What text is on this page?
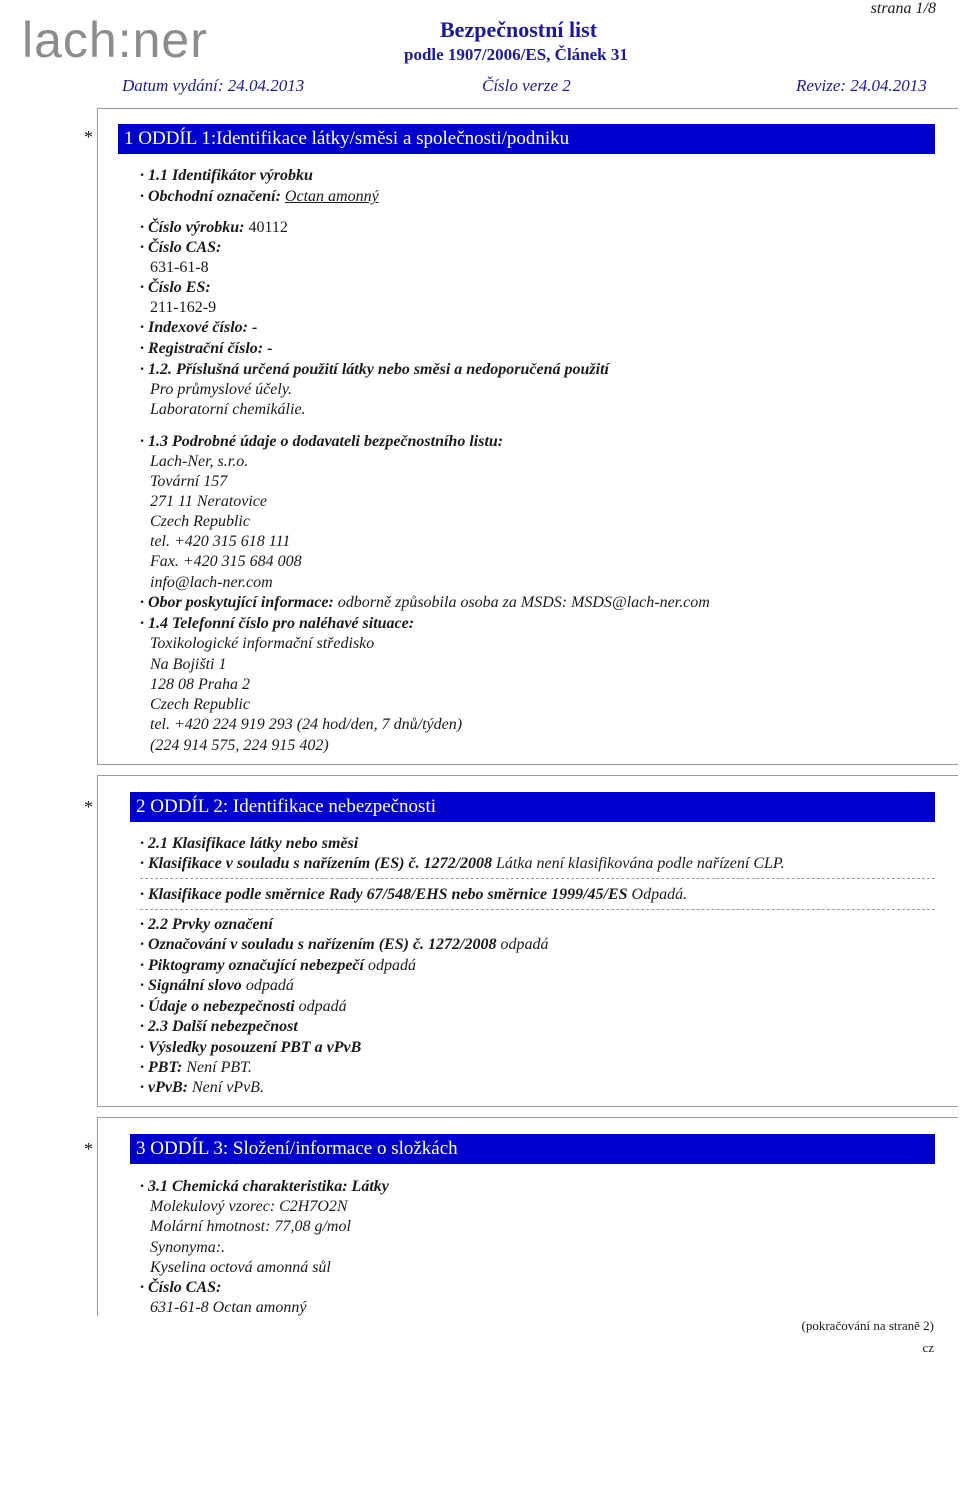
lach:ner
strana 1/8
Bezpečnostní list
podle 1907/2006/ES, Článek 31
Datum vydání: 24.04.2013	Číslo verze 2	Revize: 24.04.2013
*	1 ODDÍL 1:Identifikace látky/směsi a společnosti/podniku
· 1.1 Identifikátor výrobku
· Obchodní označení: Octan amonný
· Číslo výrobku: 40112
· Číslo CAS:
631-61-8
· Číslo ES:
211-162-9
· Indexové číslo: -
· Registrační číslo: -
· 1.2. Příslušná určená použití látky nebo směsi a nedoporučená použití
Pro průmyslové účely.
Laboratorní chemikálie.
· 1.3 Podrobné údaje o dodavateli bezpečnostního listu:
Lach-Ner, s.r.o.
Tovární 157
271 11 Neratovice
Czech Republic
tel. +420 315 618 111
Fax. +420 315 684 008
info@lach-ner.com
· Obor poskytující informace: odborně způsobila osoba za MSDS: MSDS@lach-ner.com
· 1.4 Telefonní číslo pro naléhavé situace:
Toxikologické informační středisko
Na Bojišti 1
128 08 Praha 2
Czech Republic
tel. +420 224 919 293 (24 hod/den, 7 dnů/týden)
(224 914 575, 224 915 402)
*	2 ODDÍL 2: Identifikace nebezpečnosti
· 2.1 Klasifikace látky nebo směsi
· Klasifikace v souladu s nařízením (ES) č. 1272/2008 Látka není klasifikována podle nařízení CLP.
· Klasifikace podle směrnice Rady 67/548/EHS nebo směrnice 1999/45/ES Odpadá.
· 2.2 Prvky označení
· Označování v souladu s nařízením (ES) č. 1272/2008 odpadá
· Piktogramy označující nebezpečí odpadá
· Signální slovo odpadá
· Údaje o nebezpečnosti odpadá
· 2.3 Další nebezpečnost
· Výsledky posouzení PBT a vPvB
· PBT: Není PBT.
· vPvB: Není vPvB.
*	3 ODDÍL 3: Složení/informace o složkách
· 3.1 Chemická charakteristika: Látky
Molekulový vzorec: C2H7O2N
Molární hmotnost: 77,08 g/mol
Synonyma:.
Kyselina octová amonná sůl
· Číslo CAS:
631-61-8 Octan amonný
(pokračování na straně 2)
cz
